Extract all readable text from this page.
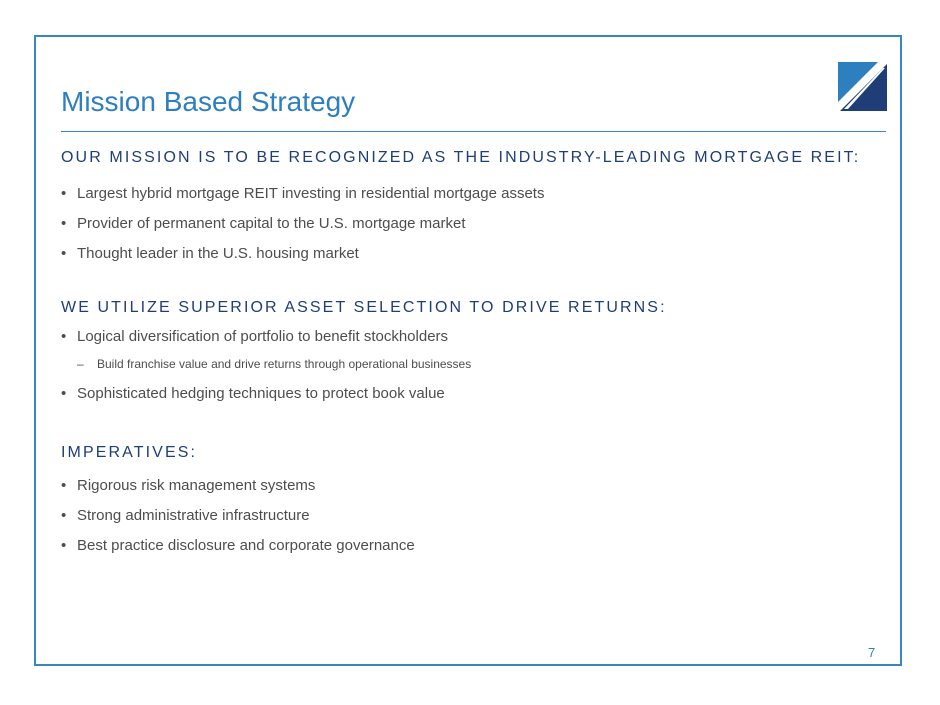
Mission Based Strategy
OUR MISSION IS TO BE RECOGNIZED AS THE INDUSTRY-LEADING MORTGAGE REIT:
• Largest hybrid mortgage REIT investing in residential mortgage assets
• Provider of permanent capital to the U.S. mortgage market
• Thought leader in the U.S. housing market
WE UTILIZE SUPERIOR ASSET SELECTION TO DRIVE RETURNS:
• Logical diversification of portfolio to benefit stockholders
– Build franchise value and drive returns through operational businesses
• Sophisticated hedging techniques to protect book value
IMPERATIVES:
• Rigorous risk management systems
• Strong administrative infrastructure
• Best practice disclosure and corporate governance
7
